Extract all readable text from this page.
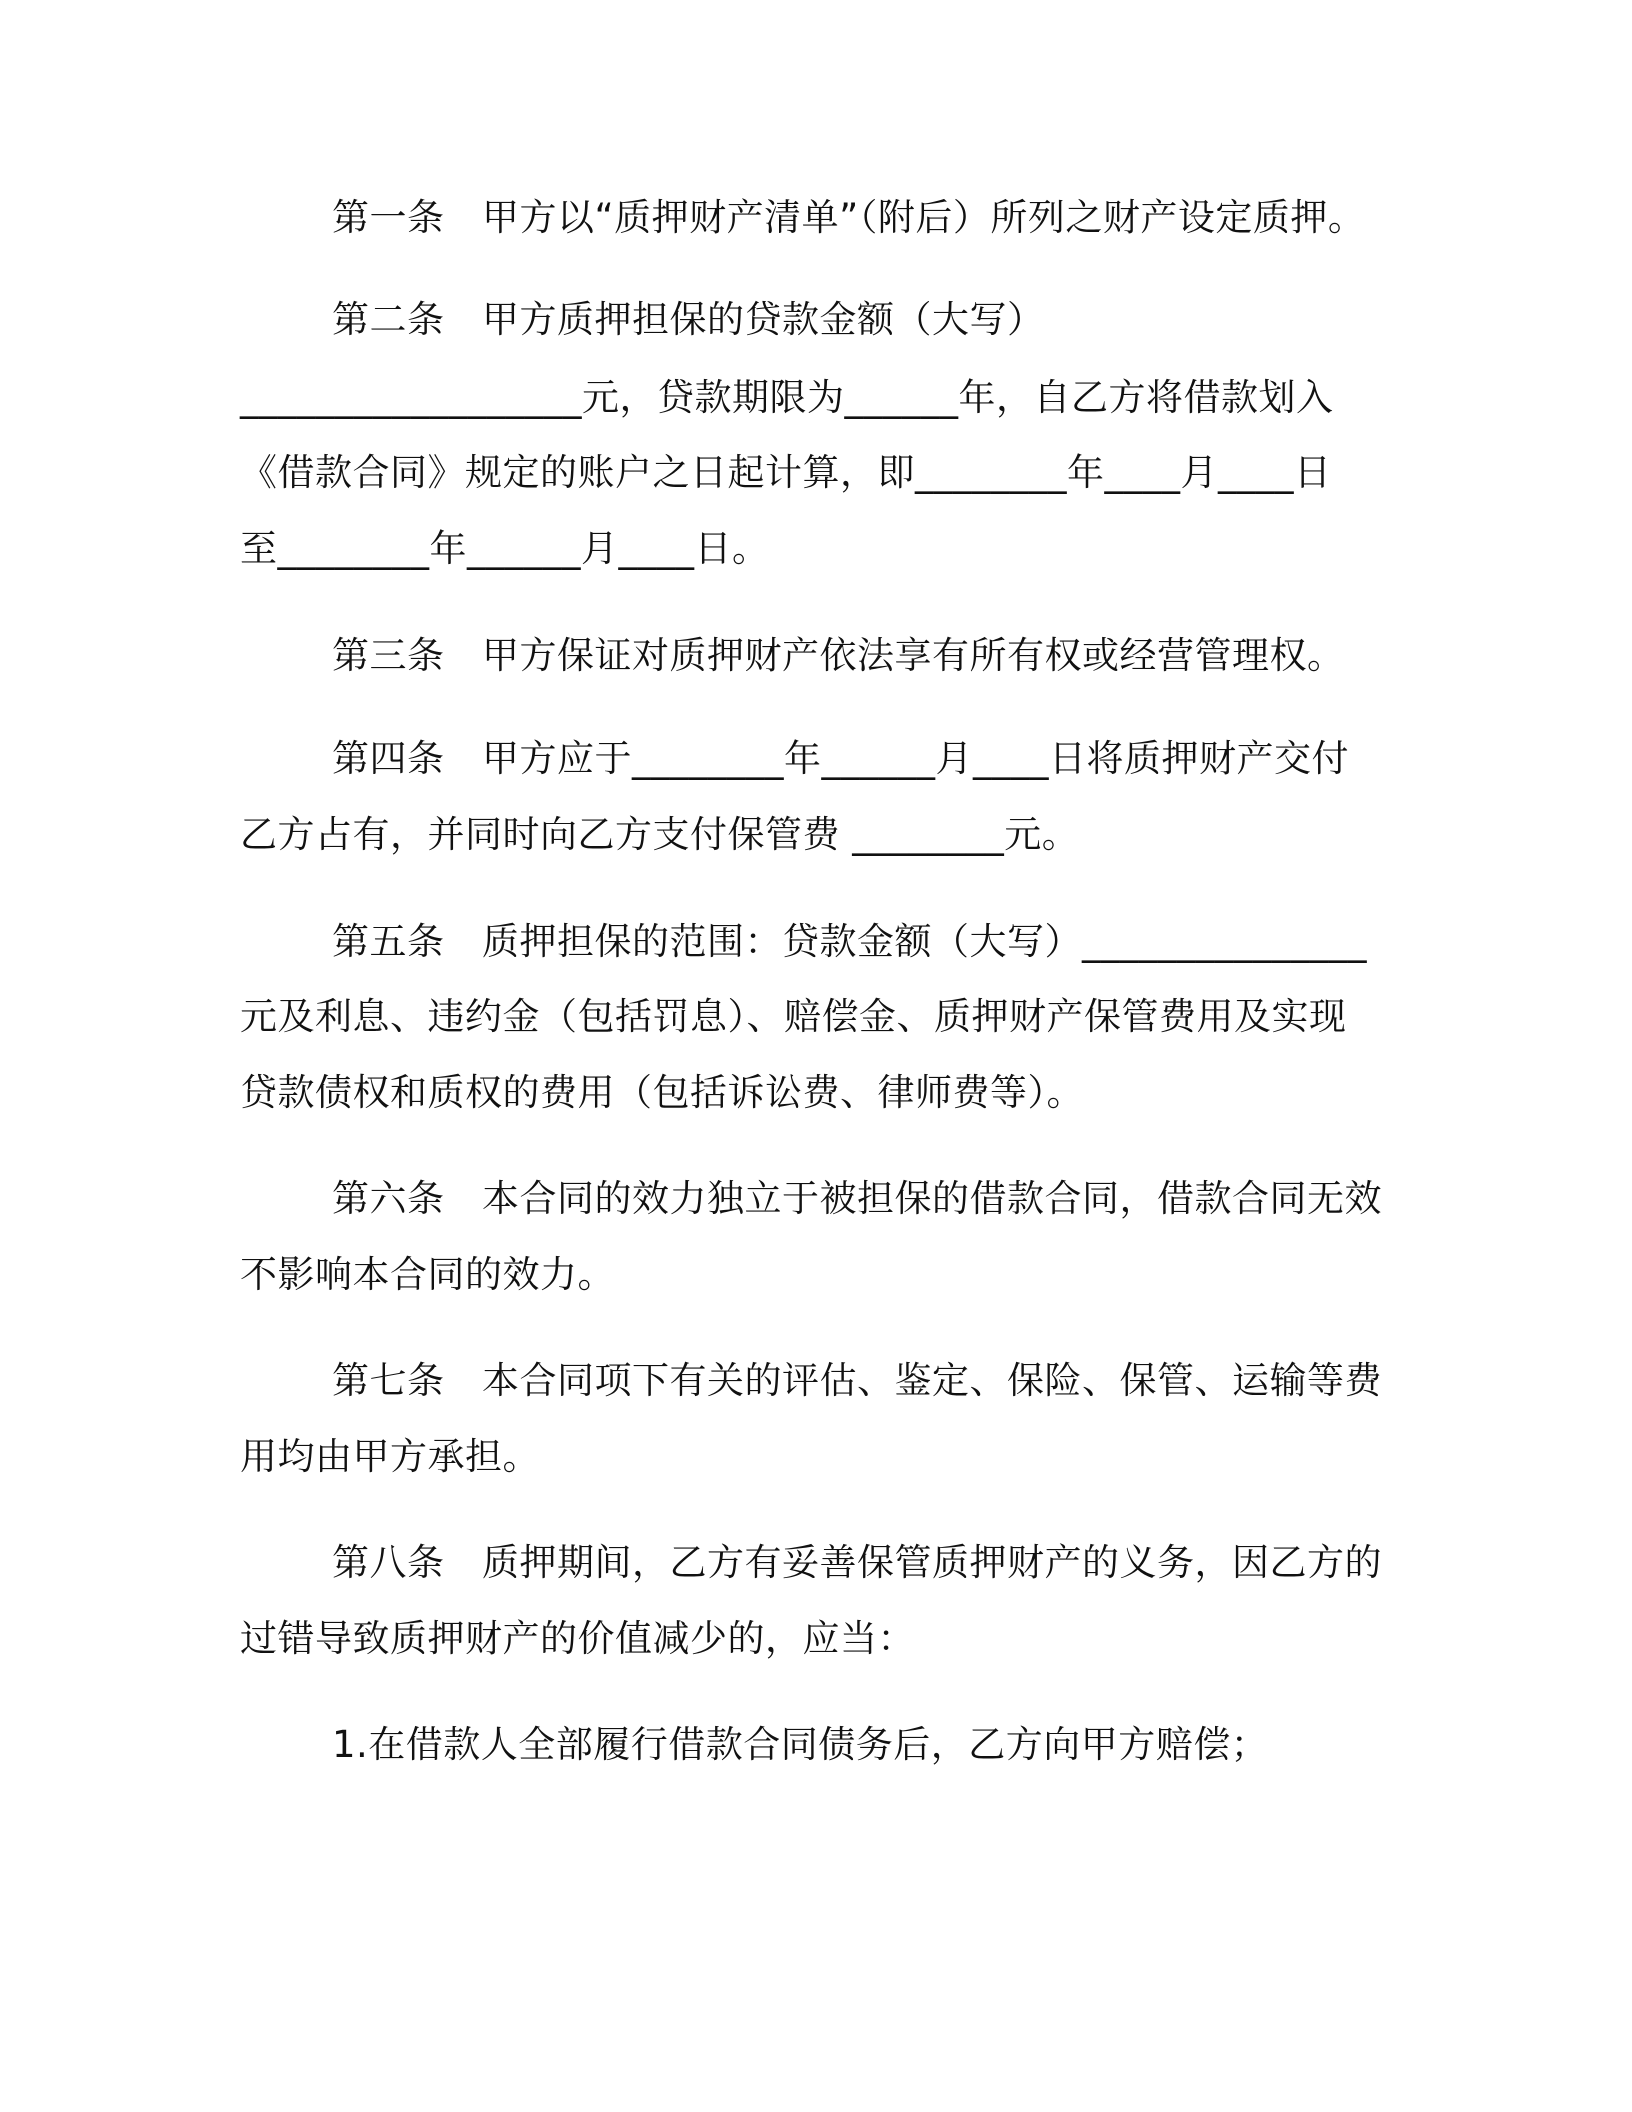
第一条　甲方以“质押财产清单”（附后）所列之财产设定质押。
第二条　甲方质押担保的贷款金额（大写）
__________________元，贷款期限为______年，自乙方将借款划入
《借款合同》规定的账户之日起计算，即________年____月____日
至________年______月____日。
第三条　甲方保证对质押财产依法享有所有权或经营管理权。
第四条　甲方应于________年______月____日将质押财产交付
乙方占有，并同时向乙方支付保管费 ________元。
第五条　质押担保的范围：贷款金额（大写）_______________
元及利息、违约金（包括罚息）、赔偿金、质押财产保管费用及实现
贷款债权和质权的费用（包括诉讼费、律师费等）。
第六条　本合同的效力独立于被担保的借款合同，借款合同无效
不影响本合同的效力。
第七条　本合同项下有关的评估、鉴定、保险、保管、运输等费
用均由甲方承担。
第八条　质押期间，乙方有妥善保管质押财产的义务，因乙方的
过错导致质押财产的价值减少的，应当：
1.在借款人全部履行借款合同债务后，乙方向甲方赔偿；
